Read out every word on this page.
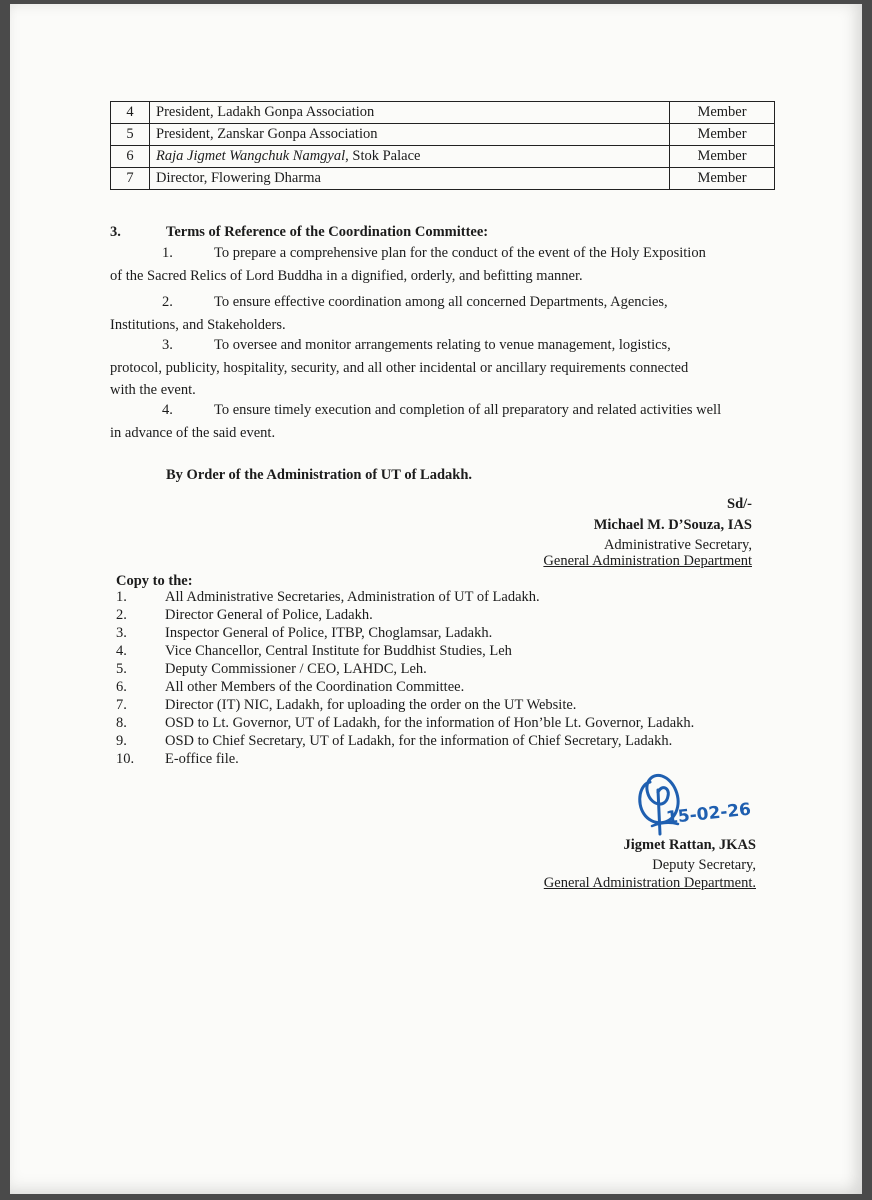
4	President, Ladakh Gonpa Association	Member
5	President, Zanskar Gonpa Association	Member
6	Raja Jigmet Wangchuk Namgyal, Stok Palace	Member
7	Director, Flowering Dharma	Member
3.	Terms of Reference of the Coordination Committee:
1.	To prepare a comprehensive plan for the conduct of the event of the Holy Exposition
of the Sacred Relics of Lord Buddha in a dignified, orderly, and befitting manner.
2.	To ensure effective coordination among all concerned Departments, Agencies,
Institutions, and Stakeholders.
3.	To oversee and monitor arrangements relating to venue management, logistics,
protocol, publicity, hospitality, security, and all other incidental or ancillary requirements connected
with the event.
4.	To ensure timely execution and completion of all preparatory and related activities well
in advance of the said event.
By Order of the Administration of UT of Ladakh.
Sd/-
Michael M. D’Souza, IAS
Administrative Secretary,
General Administration Department
Copy to the:
1.	All Administrative Secretaries, Administration of UT of Ladakh.
2.	Director General of Police, Ladakh.
3.	Inspector General of Police, ITBP, Choglamsar, Ladakh.
4.	Vice Chancellor, Central Institute for Buddhist Studies, Leh
5.	Deputy Commissioner / CEO, LAHDC, Leh.
6.	All other Members of the Coordination Committee.
7.	Director (IT) NIC, Ladakh, for uploading the order on the UT Website.
8.	OSD to Lt. Governor, UT of Ladakh, for the information of Hon’ble Lt. Governor, Ladakh.
9.	OSD to Chief Secretary, UT of Ladakh, for the information of Chief Secretary, Ladakh.
10.	E-office file.
15-02-26
Jigmet Rattan, JKAS
Deputy Secretary,
General Administration Department.
